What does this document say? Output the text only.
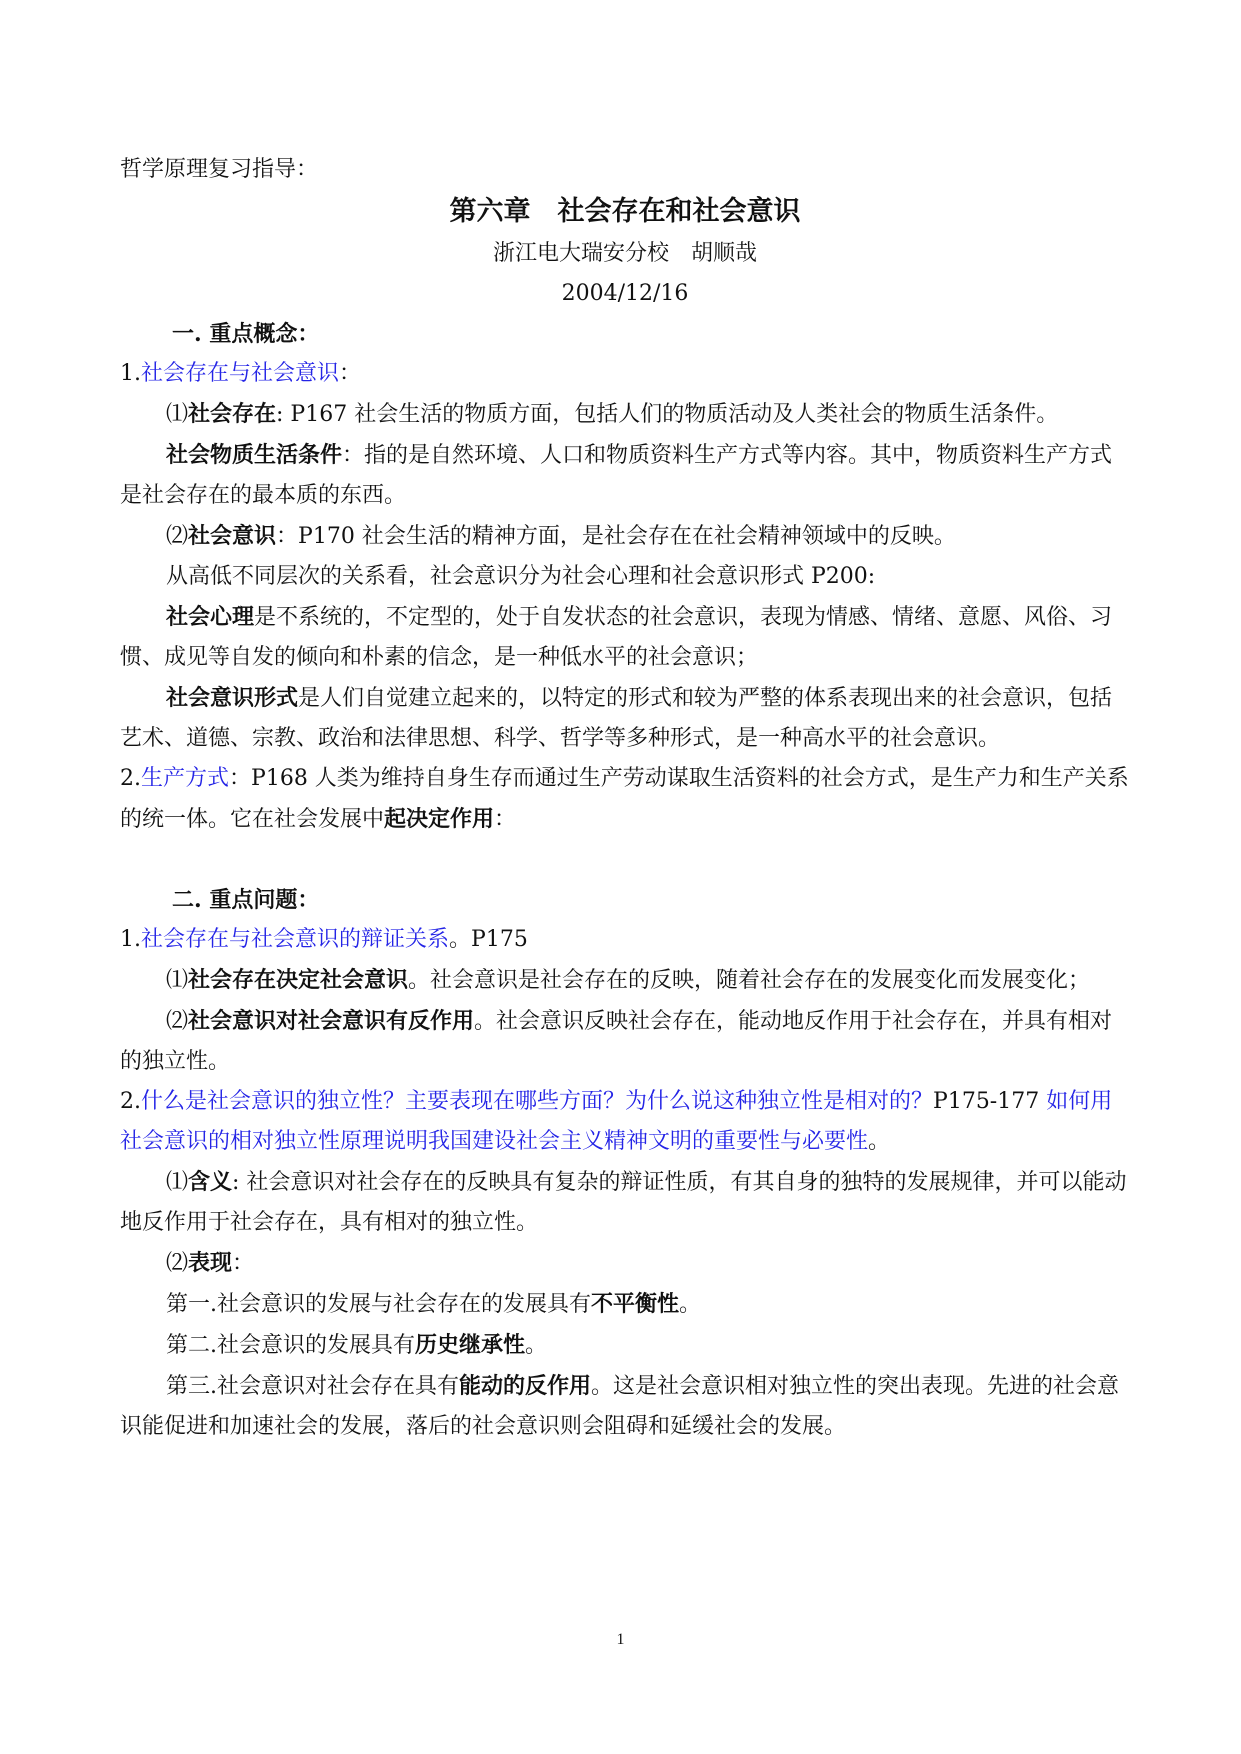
哲学原理复习指导：

第六章　社会存在和社会意识

浙江电大瑞安分校　胡顺哉

2004/12/16

一. 重点概念：

1.社会存在与社会意识：

⑴社会存在: P167 社会生活的物质方面，包括人们的物质活动及人类社会的物质生活条件。

社会物质生活条件：指的是自然环境、人口和物质资料生产方式等内容。其中，物质资料生产方式是社会存在的最本质的东西。

⑵社会意识：P170 社会生活的精神方面，是社会存在在社会精神领域中的反映。

从高低不同层次的关系看，社会意识分为社会心理和社会意识形式 P200:

社会心理是不系统的，不定型的，处于自发状态的社会意识，表现为情感、情绪、意愿、风俗、习惯、成见等自发的倾向和朴素的信念，是一种低水平的社会意识；

社会意识形式是人们自觉建立起来的，以特定的形式和较为严整的体系表现出来的社会意识，包括艺术、道德、宗教、政治和法律思想、科学、哲学等多种形式，是一种高水平的社会意识。

2.生产方式：P168 人类为维持自身生存而通过生产劳动谋取生活资料的社会方式，是生产力和生产关系的统一体。它在社会发展中起决定作用：

二. 重点问题：

1.社会存在与社会意识的辩证关系。P175

⑴社会存在决定社会意识。社会意识是社会存在的反映，随着社会存在的发展变化而发展变化；

⑵社会意识对社会意识有反作用。社会意识反映社会存在，能动地反作用于社会存在，并具有相对的独立性。

2.什么是社会意识的独立性？主要表现在哪些方面？为什么说这种独立性是相对的？P175-177 如何用社会意识的相对独立性原理说明我国建设社会主义精神文明的重要性与必要性。

⑴含义: 社会意识对社会存在的反映具有复杂的辩证性质，有其自身的独特的发展规律，并可以能动地反作用于社会存在，具有相对的独立性。

⑵表现：

第一.社会意识的发展与社会存在的发展具有不平衡性。

第二.社会意识的发展具有历史继承性。

第三.社会意识对社会存在具有能动的反作用。这是社会意识相对独立性的突出表现。先进的社会意识能促进和加速社会的发展，落后的社会意识则会阻碍和延缓社会的发展。

1
